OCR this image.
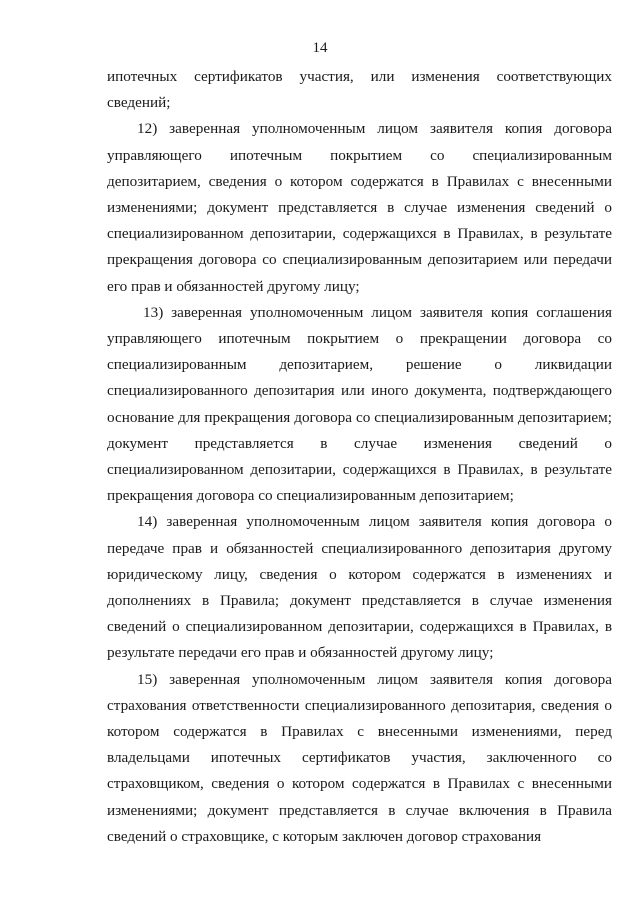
14

ипотечных сертификатов участия, или изменения соответствующих сведений;

12) заверенная уполномоченным лицом заявителя копия договора управляющего ипотечным покрытием со специализированным депозитарием, сведения о котором содержатся в Правилах с внесенными изменениями; документ представляется в случае изменения сведений о специализированном депозитарии, содержащихся в Правилах, в результате прекращения договора со специализированным депозитарием или передачи его прав и обязанностей другому лицу;

13) заверенная уполномоченным лицом заявителя копия соглашения управляющего ипотечным покрытием о прекращении договора со специализированным депозитарием, решение о ликвидации специализированного депозитария или иного документа, подтверждающего основание для прекращения договора со специализированным депозитарием; документ представляется в случае изменения сведений о специализированном депозитарии, содержащихся в Правилах, в результате прекращения договора со специализированным депозитарием;

14) заверенная уполномоченным лицом заявителя копия договора о передаче прав и обязанностей специализированного депозитария другому юридическому лицу, сведения о котором содержатся в изменениях и дополнениях в Правила; документ представляется в случае изменения сведений о специализированном депозитарии, содержащихся в Правилах, в результате передачи его прав и обязанностей другому лицу;

15) заверенная уполномоченным лицом заявителя копия договора страхования ответственности специализированного депозитария, сведения о котором содержатся в Правилах с внесенными изменениями, перед владельцами ипотечных сертификатов участия, заключенного со страховщиком, сведения о котором содержатся в Правилах с внесенными изменениями; документ представляется в случае включения в Правила сведений о страховщике, с которым заключен договор страхования
